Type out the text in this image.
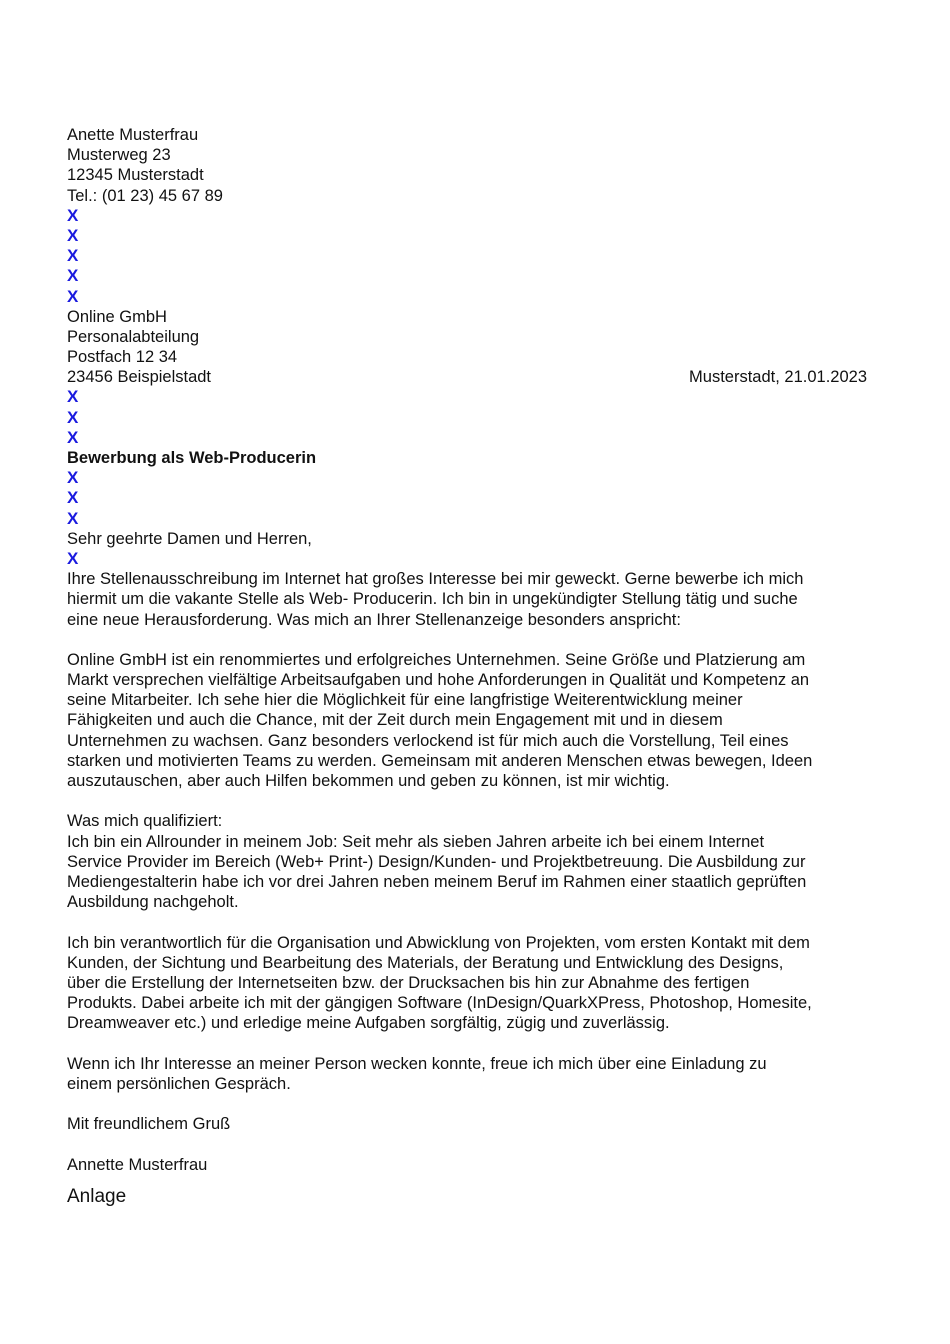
Anette Musterfrau
Musterweg 23
12345 Musterstadt
Tel.: (01 23) 45 67 89
X
X
X
X
X
Online GmbH
Personalabteilung
Postfach 12 34
23456 Beispielstadt	Musterstadt, 21.01.2023
X
X
X
Bewerbung als Web-Producerin
X
X
X
Sehr geehrte Damen und Herren,
X
Ihre Stellenausschreibung im Internet hat großes Interesse bei mir geweckt. Gerne bewerbe ich mich
hiermit um die vakante Stelle als Web- Producerin. Ich bin in ungekündigter Stellung tätig und suche
eine neue Herausforderung. Was mich an Ihrer Stellenanzeige besonders anspricht:
Online GmbH ist ein renommiertes und erfolgreiches Unternehmen. Seine Größe und Platzierung am
Markt versprechen vielfältige Arbeitsaufgaben und hohe Anforderungen in Qualität und Kompetenz an
seine Mitarbeiter. Ich sehe hier die Möglichkeit für eine langfristige Weiterentwicklung meiner
Fähigkeiten und auch die Chance, mit der Zeit durch mein Engagement mit und in diesem
Unternehmen zu wachsen. Ganz besonders verlockend ist für mich auch die Vorstellung, Teil eines
starken und motivierten Teams zu werden. Gemeinsam mit anderen Menschen etwas bewegen, Ideen
auszutauschen, aber auch Hilfen bekommen und geben zu können, ist mir wichtig.
Was mich qualifiziert:
Ich bin ein Allrounder in meinem Job: Seit mehr als sieben Jahren arbeite ich bei einem Internet
Service Provider im Bereich (Web+ Print-) Design/Kunden- und Projektbetreuung. Die Ausbildung zur
Mediengestalterin habe ich vor drei Jahren neben meinem Beruf im Rahmen einer staatlich geprüften
Ausbildung nachgeholt.
Ich bin verantwortlich für die Organisation und Abwicklung von Projekten, vom ersten Kontakt mit dem
Kunden, der Sichtung und Bearbeitung des Materials, der Beratung und Entwicklung des Designs,
über die Erstellung der Internetseiten bzw. der Drucksachen bis hin zur Abnahme des fertigen
Produkts. Dabei arbeite ich mit der gängigen Software (InDesign/QuarkXPress, Photoshop, Homesite,
Dreamweaver etc.) und erledige meine Aufgaben sorgfältig, zügig und zuverlässig.
Wenn ich Ihr Interesse an meiner Person wecken konnte, freue ich mich über eine Einladung zu
einem persönlichen Gespräch.
Mit freundlichem Gruß
Annette Musterfrau
Anlage
